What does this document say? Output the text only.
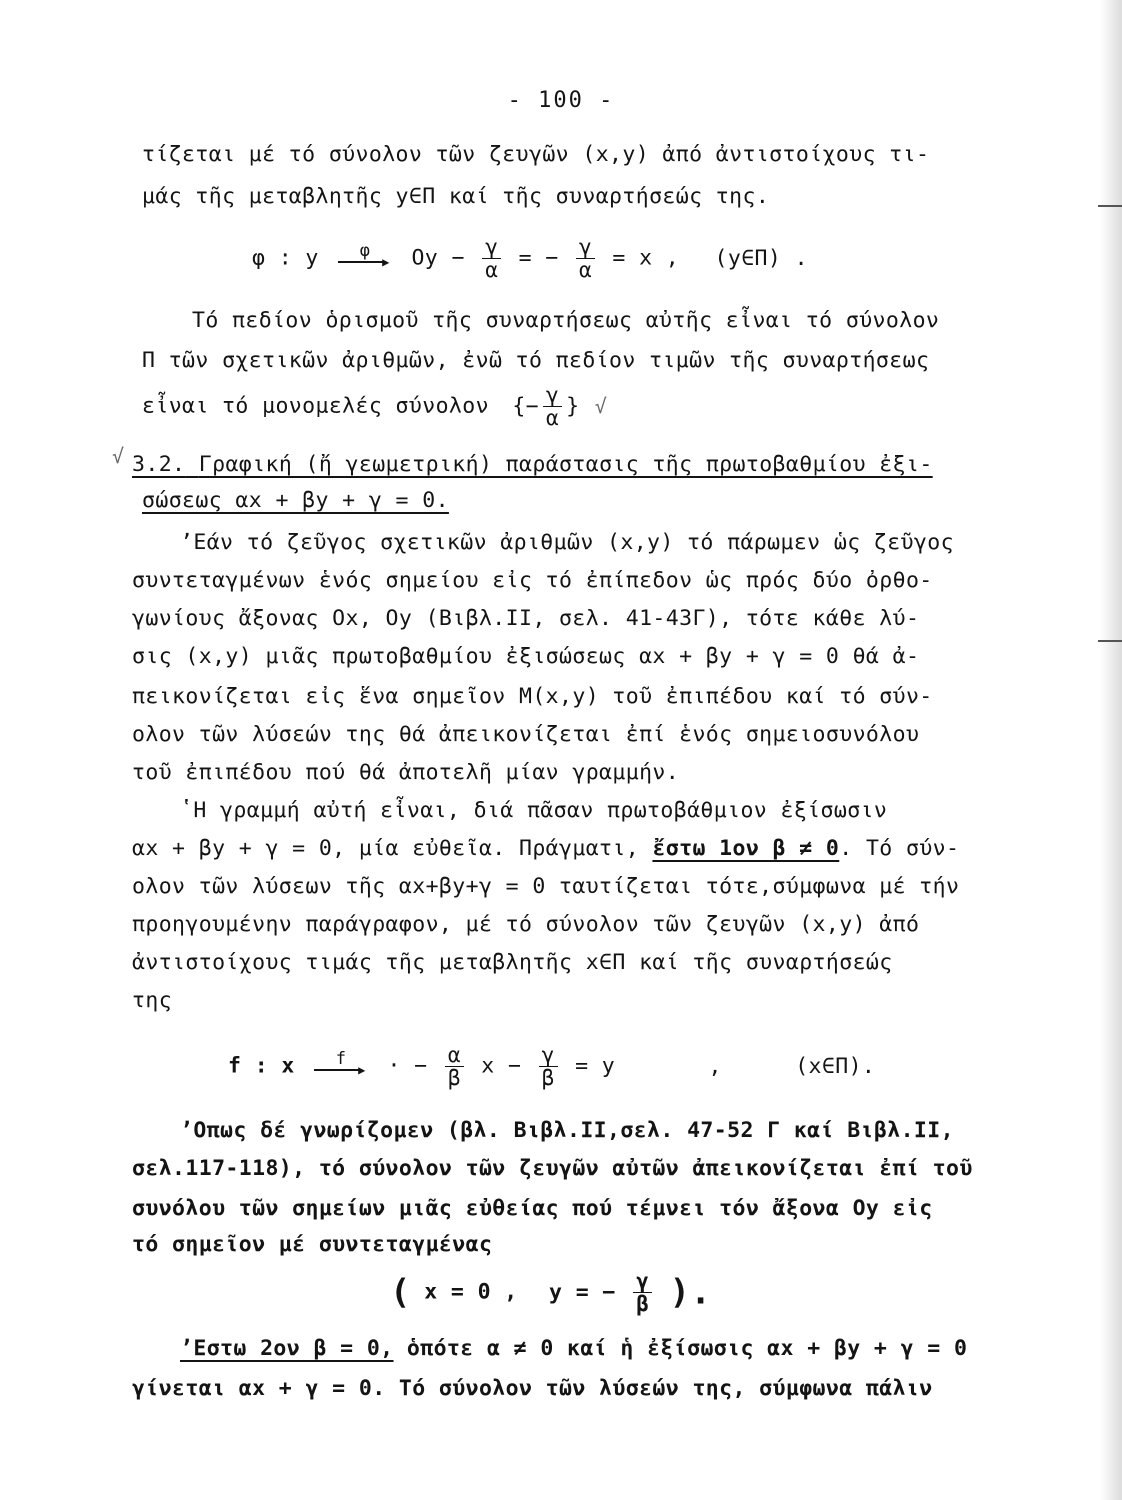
- 100 -
τίζεται μέ τό σύνολον τῶν ζευγῶν (x,y) ἀπό ἀντιστοίχους τι-
μάς τῆς μεταβλητῆς y∈Π καί τῆς συναρτήσεώς της.
φ : y	φ
▶ $Oy - \frac{\gamma}{\alpha}$ = − $\frac{\gamma}{\alpha} = x$ , (y∈Π) .
Τό πεδίον ὁρισμοῦ τῆς συναρτήσεως αὐτῆς εἶναι τό σύνολον
Π τῶν σχετικῶν ἀριθμῶν, ἐνῶ τό πεδίον τιμῶν τῆς συναρτήσεως
εἶναι τό μονομελές σύνολον {− $\frac{\gamma}{\alpha}$ } √
√ 3.2. Γραφική (ἤ γεωμετρική) παράστασις τῆς πρωτοβαθμίου ἐξι-
σώσεως αx + βy + γ = 0.
ʼΕάν τό ζεῦγος σχετικῶν ἀριθμῶν (x,y) τό πάρωμεν ὡς ζεῦγος
συντεταγμένων ἑνός σημείου εἰς τό ἐπίπεδον ὡς πρός δύο ὀρθο-
γωνίους ἄξονας Ox, Oy (Βιβλ.ΙΙ, σελ. 41-43Γ), τότε κάθε λύ-
σις (x,y) μιᾶς πρωτοβαθμίου ἐξισώσεως αx + βy + γ = 0 θά ἀ-
πεικονίζεται εἰς ἕνα σημεῖον Μ(x,y) τοῦ ἐπιπέδου καί τό σύν-
ολον τῶν λύσεών της θά ἀπεικονίζεται ἐπί ἑνός σημειοσυνόλου
τοῦ ἐπιπέδου πού θά ἀποτελῆ μίαν γραμμήν.
ʽΗ γραμμή αὐτή εἶναι, διά πᾶσαν πρωτοβάθμιον ἐξίσωσιν
αx + βy + γ = 0, μία εὐθεῖα. Πράγματι, ἔστω 1ον β ≠ 0. Τό σύν-
ολον τῶν λύσεων τῆς αx+βy+γ = 0 ταυτίζεται τότε,σύμφωνα μέ τήν
προηγουμένην παράγραφον, μέ τό σύνολον τῶν ζευγῶν (x,y) ἀπό
ἀντιστοίχους τιμάς τῆς μεταβλητῆς x∈Π καί τῆς συναρτήσεώς
της
f : x	f
▶ · − $\frac{\alpha}{\beta}$ $x - \frac{\gamma}{\beta} = y$	,	(x∈Π).
ʼΟπως δέ γνωρίζομεν (βλ. Βιβλ.ΙΙ,σελ. 47-52 Γ καί Βιβλ.ΙΙ,
σελ.117-118), τό σύνολον τῶν ζευγῶν αὐτῶν ἀπεικονίζεται ἐπί τοῦ
συνόλου τῶν σημείων μιᾶς εὐθείας πού τέμνει τόν ἄξονα Oy εἰς
τό σημεῖον μέ συντεταγμένας
( x = 0 , y = − $\frac{\gamma}{\beta}$ ).
ʼΕστω 2ον β = 0, ὁπότε α ≠ 0 καί ἡ ἐξίσωσις αx + βy + γ = 0
γίνεται αx + γ = 0. Τό σύνολον τῶν λύσεών της, σύμφωνα πάλιν
